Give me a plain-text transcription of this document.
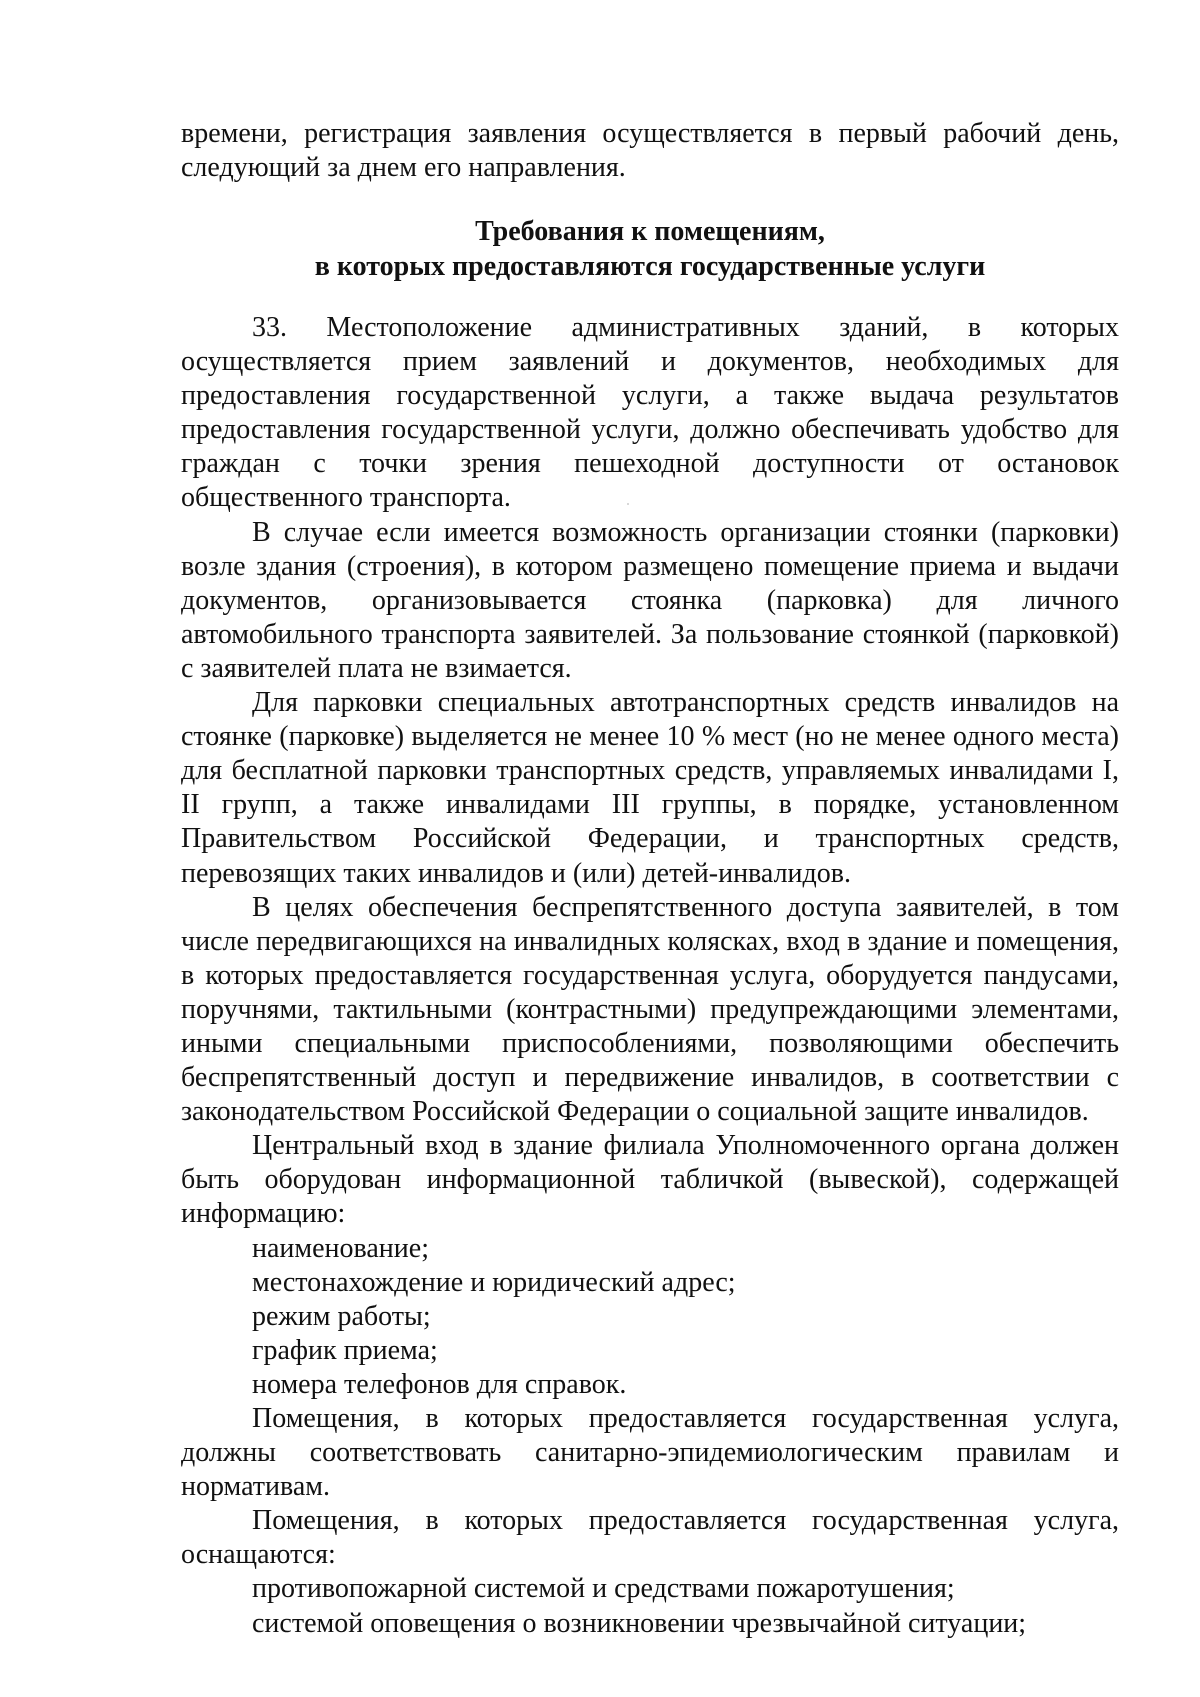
времени, регистрация заявления осуществляется в первый рабочий день, следующий за днем его направления.

Требования к помещениям,
в которых предоставляются государственные услуги

33. Местоположение административных зданий, в которых осуществляется прием заявлений и документов, необходимых для предоставления государственной услуги, а также выдача результатов предоставления государственной услуги, должно обеспечивать удобство для граждан с точки зрения пешеходной доступности от остановок общественного транспорта.

В случае если имеется возможность организации стоянки (парковки) возле здания (строения), в котором размещено помещение приема и выдачи документов, организовывается стоянка (парковка) для личного автомобильного транспорта заявителей. За пользование стоянкой (парковкой) с заявителей плата не взимается.

Для парковки специальных автотранспортных средств инвалидов на стоянке (парковке) выделяется не менее 10 % мест (но не менее одного места) для бесплатной парковки транспортных средств, управляемых инвалидами I, II групп, а также инвалидами III группы, в порядке, установленном Правительством Российской Федерации, и транспортных средств, перевозящих таких инвалидов и (или) детей-инвалидов.

В целях обеспечения беспрепятственного доступа заявителей, в том числе передвигающихся на инвалидных колясках, вход в здание и помещения, в которых предоставляется государственная услуга, оборудуется пандусами, поручнями, тактильными (контрастными) предупреждающими элементами, иными специальными приспособлениями, позволяющими обеспечить беспрепятственный доступ и передвижение инвалидов, в соответствии с законодательством Российской Федерации о социальной защите инвалидов.

Центральный вход в здание филиала Уполномоченного органа должен быть оборудован информационной табличкой (вывеской), содержащей информацию:

наименование;

местонахождение и юридический адрес;

режим работы;

график приема;

номера телефонов для справок.

Помещения, в которых предоставляется государственная услуга, должны соответствовать санитарно-эпидемиологическим правилам и нормативам.

Помещения, в которых предоставляется государственная услуга, оснащаются:

противопожарной системой и средствами пожаротушения;

системой оповещения о возникновении чрезвычайной ситуации;
